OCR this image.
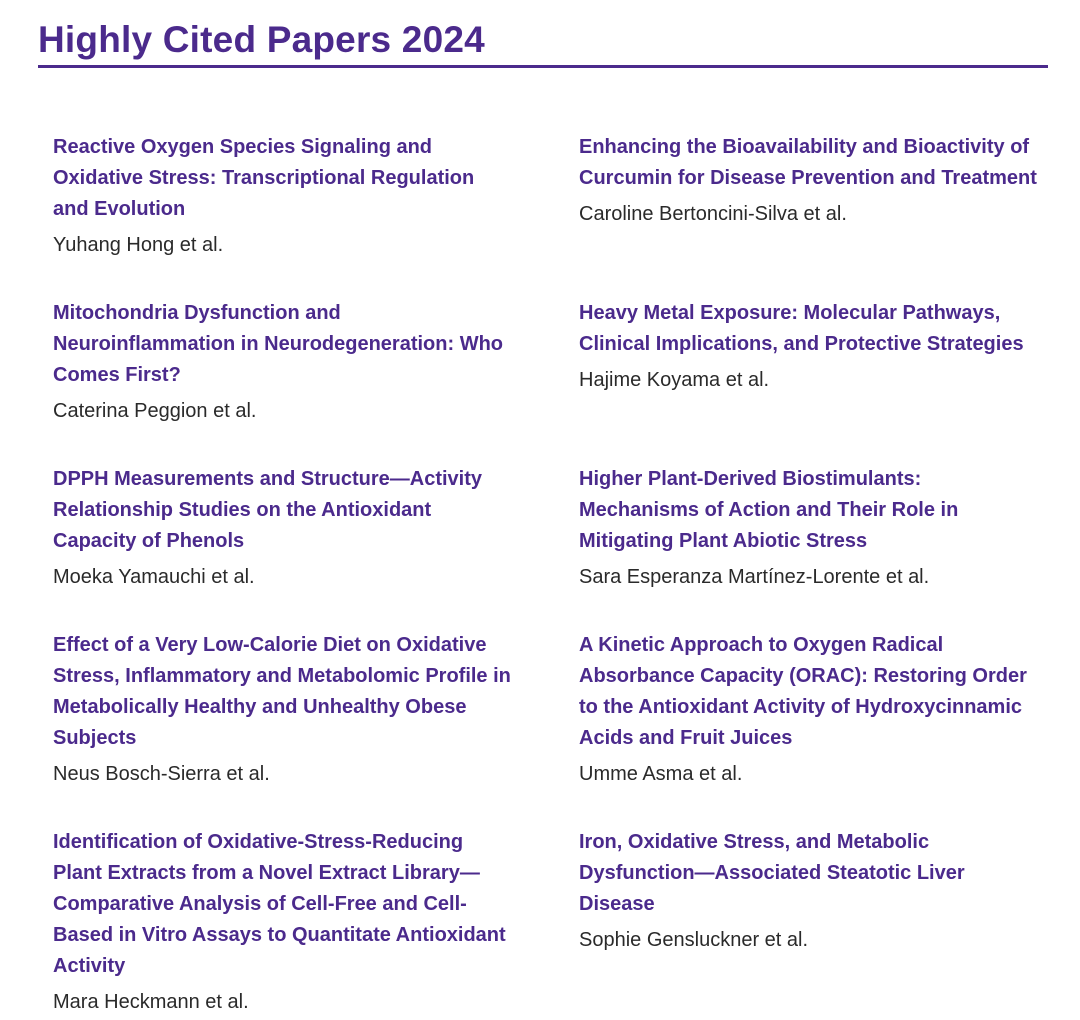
Highly Cited Papers 2024
Reactive Oxygen Species Signaling and Oxidative Stress: Transcriptional Regulation and Evolution
Yuhang Hong et al.
Mitochondria Dysfunction and Neuroinflammation in Neurodegeneration: Who Comes First?
Caterina Peggion et al.
DPPH Measurements and Structure—Activity Relationship Studies on the Antioxidant Capacity of Phenols
Moeka Yamauchi et al.
Effect of a Very Low-Calorie Diet on Oxidative Stress, Inflammatory and Metabolomic Profile in Metabolically Healthy and Unhealthy Obese Subjects
Neus Bosch-Sierra et al.
Identification of Oxidative-Stress-Reducing Plant Extracts from a Novel Extract Library—Comparative Analysis of Cell-Free and Cell-Based in Vitro Assays to Quantitate Antioxidant Activity
Mara Heckmann et al.
Enhancing the Bioavailability and Bioactivity of Curcumin for Disease Prevention and Treatment
Caroline Bertoncini-Silva et al.
Heavy Metal Exposure: Molecular Pathways, Clinical Implications, and Protective Strategies
Hajime Koyama et al.
Higher Plant-Derived Biostimulants: Mechanisms of Action and Their Role in Mitigating Plant Abiotic Stress
Sara Esperanza Martínez-Lorente et al.
A Kinetic Approach to Oxygen Radical Absorbance Capacity (ORAC): Restoring Order to the Antioxidant Activity of Hydroxycinnamic Acids and Fruit Juices
Umme Asma et al.
Iron, Oxidative Stress, and Metabolic Dysfunction—Associated Steatotic Liver Disease
Sophie Gensluckner et al.
